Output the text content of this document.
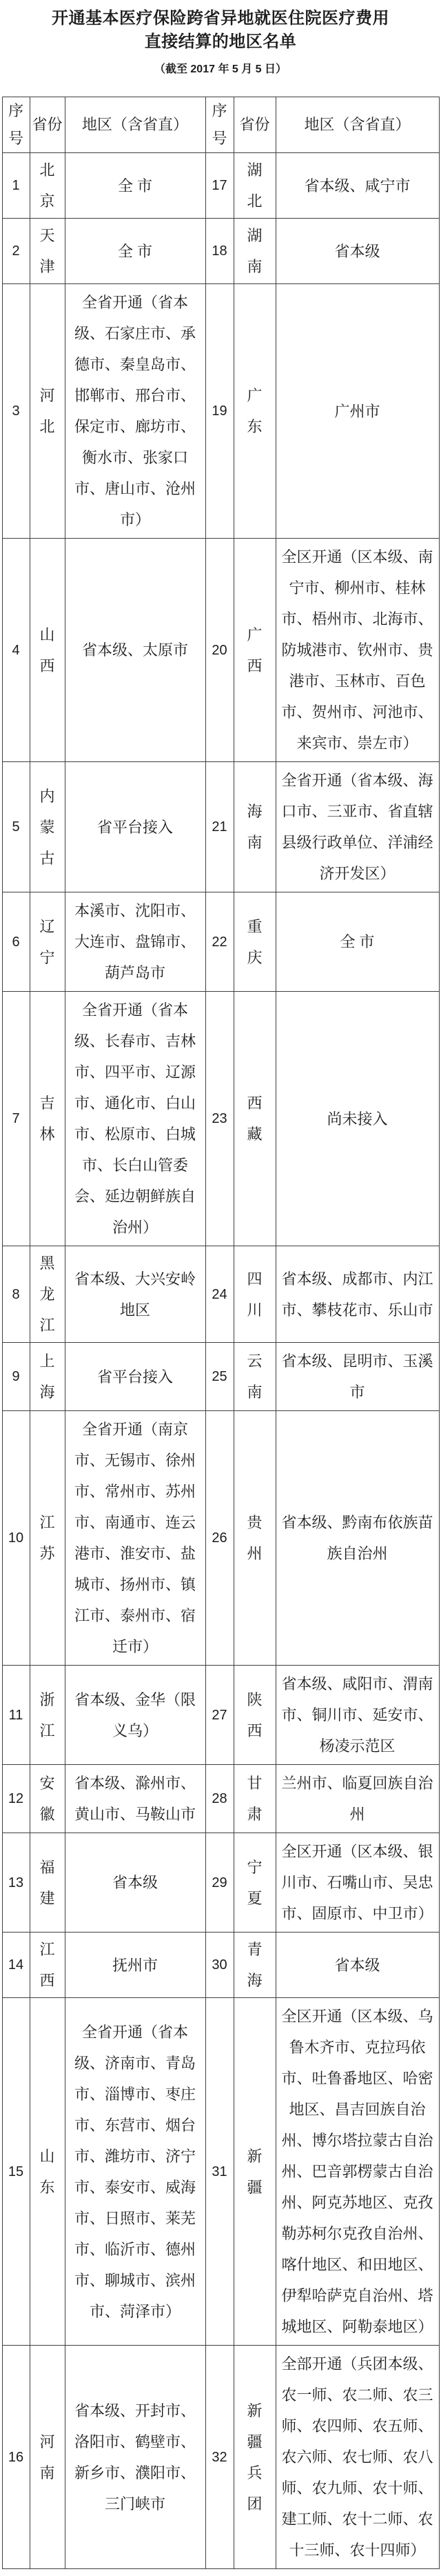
开通基本医疗保险跨省异地就医住院医疗费用
直接结算的地区名单
（截至 2017 年 5 月 5 日）
序号	省份	地区（含省直）	序号	省份	地区（含省直）
1	北京	全 市	17	湖北	省本级、咸宁市
2	天津	全 市	18	湖南	省本级
3	河北	全省开通（省本级、石家庄市、承德市、秦皇岛市、邯郸市、邢台市、保定市、廊坊市、衡水市、张家口市、唐山市、沧州市）	19	广东	广州市
4	山西	省本级、太原市	20	广西	全区开通（区本级、南宁市、柳州市、桂林市、梧州市、北海市、防城港市、钦州市、贵港市、玉林市、百色市、贺州市、河池市、来宾市、崇左市）
5	内蒙古	省平台接入	21	海南	全省开通（省本级、海口市、三亚市、省直辖县级行政单位、洋浦经济开发区）
6	辽宁	本溪市、沈阳市、大连市、盘锦市、葫芦岛市	22	重庆	全 市
7	吉林	全省开通（省本级、长春市、吉林市、四平市、辽源市、通化市、白山市、松原市、白城市、长白山管委会、延边朝鲜族自治州）	23	西藏	尚未接入
8	黑龙江	省本级、大兴安岭地区	24	四川	省本级、成都市、内江市、攀枝花市、乐山市
9	上海	省平台接入	25	云南	省本级、昆明市、玉溪市
10	江苏	全省开通（南京市、无锡市、徐州市、常州市、苏州市、南通市、连云港市、淮安市、盐城市、扬州市、镇江市、泰州市、宿迁市）	26	贵州	省本级、黔南布依族苗族自治州
11	浙江	省本级、金华（限义乌）	27	陕西	省本级、咸阳市、渭南市、铜川市、延安市、杨凌示范区
12	安徽	省本级、滁州市、黄山市、马鞍山市	28	甘肃	兰州市、临夏回族自治州
13	福建	省本级	29	宁夏	全区开通（区本级、银川市、石嘴山市、吴忠市、固原市、中卫市）
14	江西	抚州市	30	青海	省本级
15	山东	全省开通（省本级、济南市、青岛市、淄博市、枣庄市、东营市、烟台市、潍坊市、济宁市、泰安市、威海市、日照市、莱芜市、临沂市、德州市、聊城市、滨州市、菏泽市）	31	新疆	全区开通（区本级、乌鲁木齐市、克拉玛依市、吐鲁番地区、哈密地区、昌吉回族自治州、博尔塔拉蒙古自治州、巴音郭楞蒙古自治州、阿克苏地区、克孜勒苏柯尔克孜自治州、喀什地区、和田地区、伊犁哈萨克自治州、塔城地区、阿勒泰地区）
16	河南	省本级、开封市、洛阳市、鹤壁市、新乡市、濮阳市、三门峡市	32	新疆兵团	全部开通（兵团本级、农一师、农二师、农三师、农四师、农五师、农六师、农七师、农八师、农九师、农十师、建工师、农十二师、农十三师、农十四师）
